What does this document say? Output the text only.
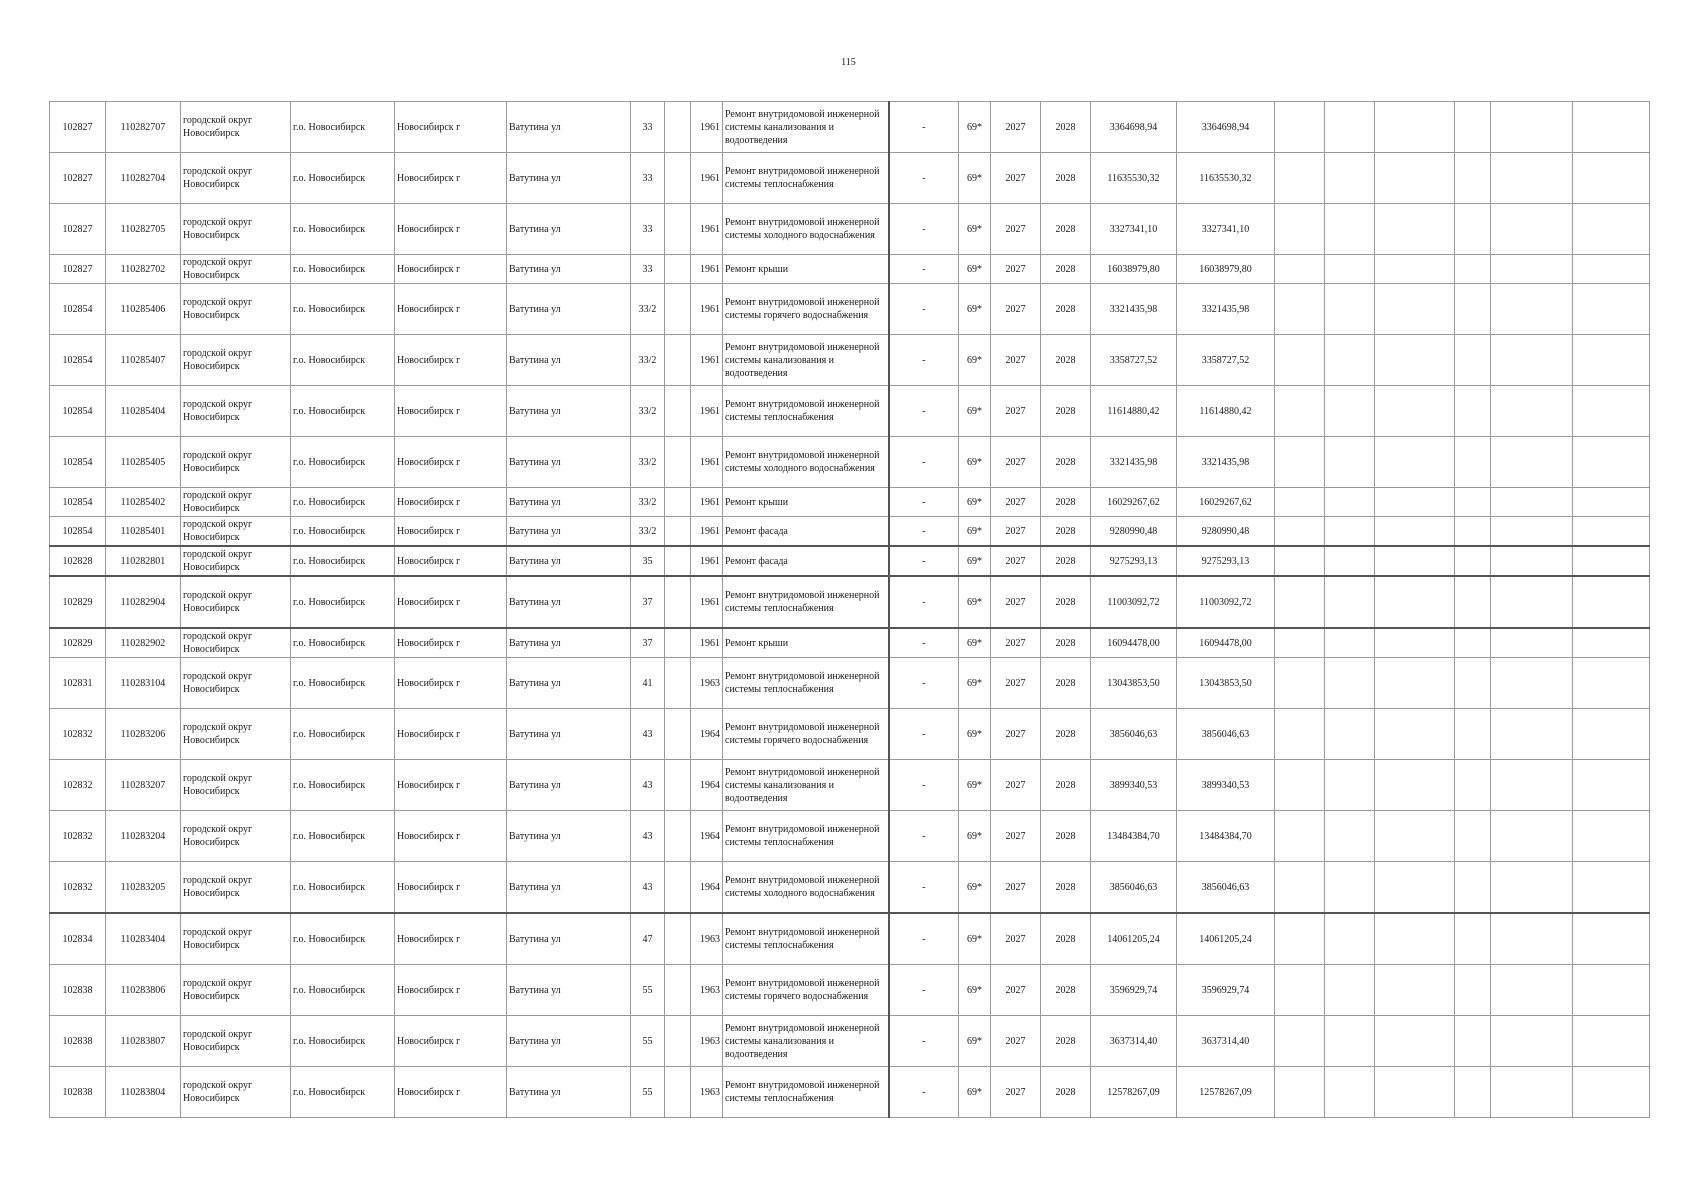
115
102827	110282707	городской округ Новосибирск	г.о. Новосибирск	Новосибирск г	Ватутина ул	33		1961	Ремонт внутридомовой инженерной системы канализования и водоотведения	-	69*	2027	2028	3364698,94	3364698,94						
102827	110282704	городской округ Новосибирск	г.о. Новосибирск	Новосибирск г	Ватутина ул	33		1961	Ремонт внутридомовой инженерной системы теплоснабжения	-	69*	2027	2028	11635530,32	11635530,32						
102827	110282705	городской округ Новосибирск	г.о. Новосибирск	Новосибирск г	Ватутина ул	33		1961	Ремонт внутридомовой инженерной системы холодного водоснабжения	-	69*	2027	2028	3327341,10	3327341,10						
102827	110282702	городской округ Новосибирск	г.о. Новосибирск	Новосибирск г	Ватутина ул	33		1961	Ремонт крыши	-	69*	2027	2028	16038979,80	16038979,80						
102854	110285406	городской округ Новосибирск	г.о. Новосибирск	Новосибирск г	Ватутина ул	33/2		1961	Ремонт внутридомовой инженерной системы горячего водоснабжения	-	69*	2027	2028	3321435,98	3321435,98						
102854	110285407	городской округ Новосибирск	г.о. Новосибирск	Новосибирск г	Ватутина ул	33/2		1961	Ремонт внутридомовой инженерной системы канализования и водоотведения	-	69*	2027	2028	3358727,52	3358727,52						
102854	110285404	городской округ Новосибирск	г.о. Новосибирск	Новосибирск г	Ватутина ул	33/2		1961	Ремонт внутридомовой инженерной системы теплоснабжения	-	69*	2027	2028	11614880,42	11614880,42						
102854	110285405	городской округ Новосибирск	г.о. Новосибирск	Новосибирск г	Ватутина ул	33/2		1961	Ремонт внутридомовой инженерной системы холодного водоснабжения	-	69*	2027	2028	3321435,98	3321435,98						
102854	110285402	городской округ Новосибирск	г.о. Новосибирск	Новосибирск г	Ватутина ул	33/2		1961	Ремонт крыши	-	69*	2027	2028	16029267,62	16029267,62						
102854	110285401	городской округ Новосибирск	г.о. Новосибирск	Новосибирск г	Ватутина ул	33/2		1961	Ремонт фасада	-	69*	2027	2028	9280990,48	9280990,48						
102828	110282801	городской округ Новосибирск	г.о. Новосибирск	Новосибирск г	Ватутина ул	35		1961	Ремонт фасада	-	69*	2027	2028	9275293,13	9275293,13						
102829	110282904	городской округ Новосибирск	г.о. Новосибирск	Новосибирск г	Ватутина ул	37		1961	Ремонт внутридомовой инженерной системы теплоснабжения	-	69*	2027	2028	11003092,72	11003092,72						
102829	110282902	городской округ Новосибирск	г.о. Новосибирск	Новосибирск г	Ватутина ул	37		1961	Ремонт крыши	-	69*	2027	2028	16094478,00	16094478,00						
102831	110283104	городской округ Новосибирск	г.о. Новосибирск	Новосибирск г	Ватутина ул	41		1963	Ремонт внутридомовой инженерной системы теплоснабжения	-	69*	2027	2028	13043853,50	13043853,50						
102832	110283206	городской округ Новосибирск	г.о. Новосибирск	Новосибирск г	Ватутина ул	43		1964	Ремонт внутридомовой инженерной системы горячего водоснабжения	-	69*	2027	2028	3856046,63	3856046,63						
102832	110283207	городской округ Новосибирск	г.о. Новосибирск	Новосибирск г	Ватутина ул	43		1964	Ремонт внутридомовой инженерной системы канализования и водоотведения	-	69*	2027	2028	3899340,53	3899340,53						
102832	110283204	городской округ Новосибирск	г.о. Новосибирск	Новосибирск г	Ватутина ул	43		1964	Ремонт внутридомовой инженерной системы теплоснабжения	-	69*	2027	2028	13484384,70	13484384,70						
102832	110283205	городской округ Новосибирск	г.о. Новосибирск	Новосибирск г	Ватутина ул	43		1964	Ремонт внутридомовой инженерной системы холодного водоснабжения	-	69*	2027	2028	3856046,63	3856046,63						
102834	110283404	городской округ Новосибирск	г.о. Новосибирск	Новосибирск г	Ватутина ул	47		1963	Ремонт внутридомовой инженерной системы теплоснабжения	-	69*	2027	2028	14061205,24	14061205,24						
102838	110283806	городской округ Новосибирск	г.о. Новосибирск	Новосибирск г	Ватутина ул	55		1963	Ремонт внутридомовой инженерной системы горячего водоснабжения	-	69*	2027	2028	3596929,74	3596929,74						
102838	110283807	городской округ Новосибирск	г.о. Новосибирск	Новосибирск г	Ватутина ул	55		1963	Ремонт внутридомовой инженерной системы канализования и водоотведения	-	69*	2027	2028	3637314,40	3637314,40						
102838	110283804	городской округ Новосибирск	г.о. Новосибирск	Новосибирск г	Ватутина ул	55		1963	Ремонт внутридомовой инженерной системы теплоснабжения	-	69*	2027	2028	12578267,09	12578267,09						
